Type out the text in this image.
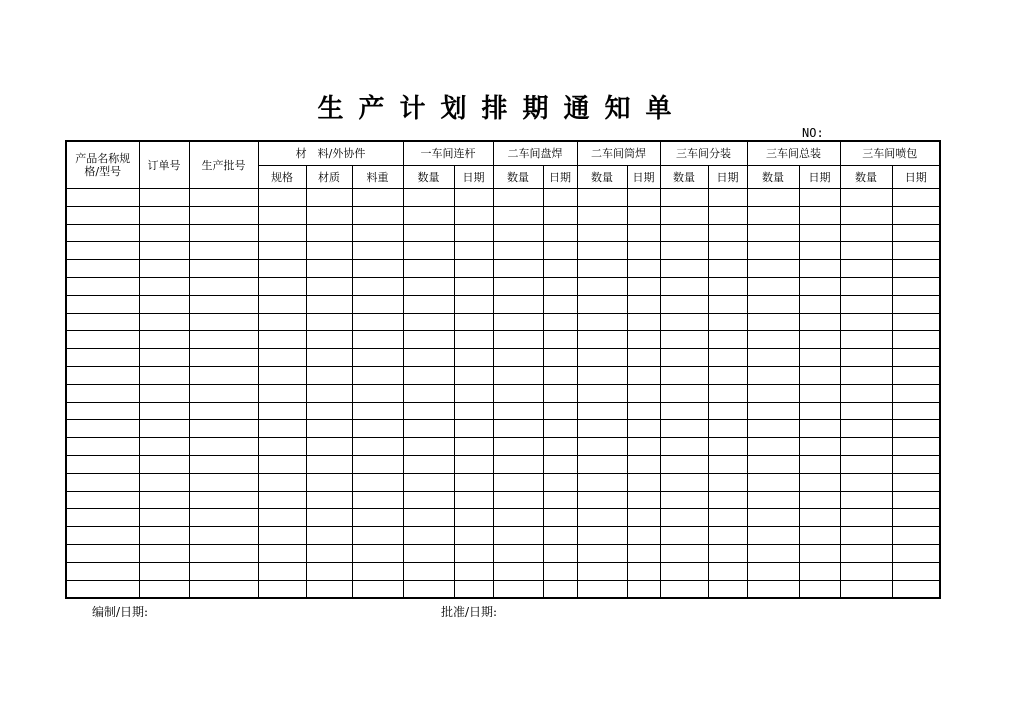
生产计划排期通知单
NO:
产品名称规格/型号	订单号	生产批号	材　料/外协件			一车间连杆		二车间盘焊		二车间筒焊		三车间分装		三车间总装		三车间喷包	
			规格	材质	料重	数量	日期	数量	日期	数量	日期	数量	日期	数量	日期	数量	日期

编制/日期:	批准/日期:
